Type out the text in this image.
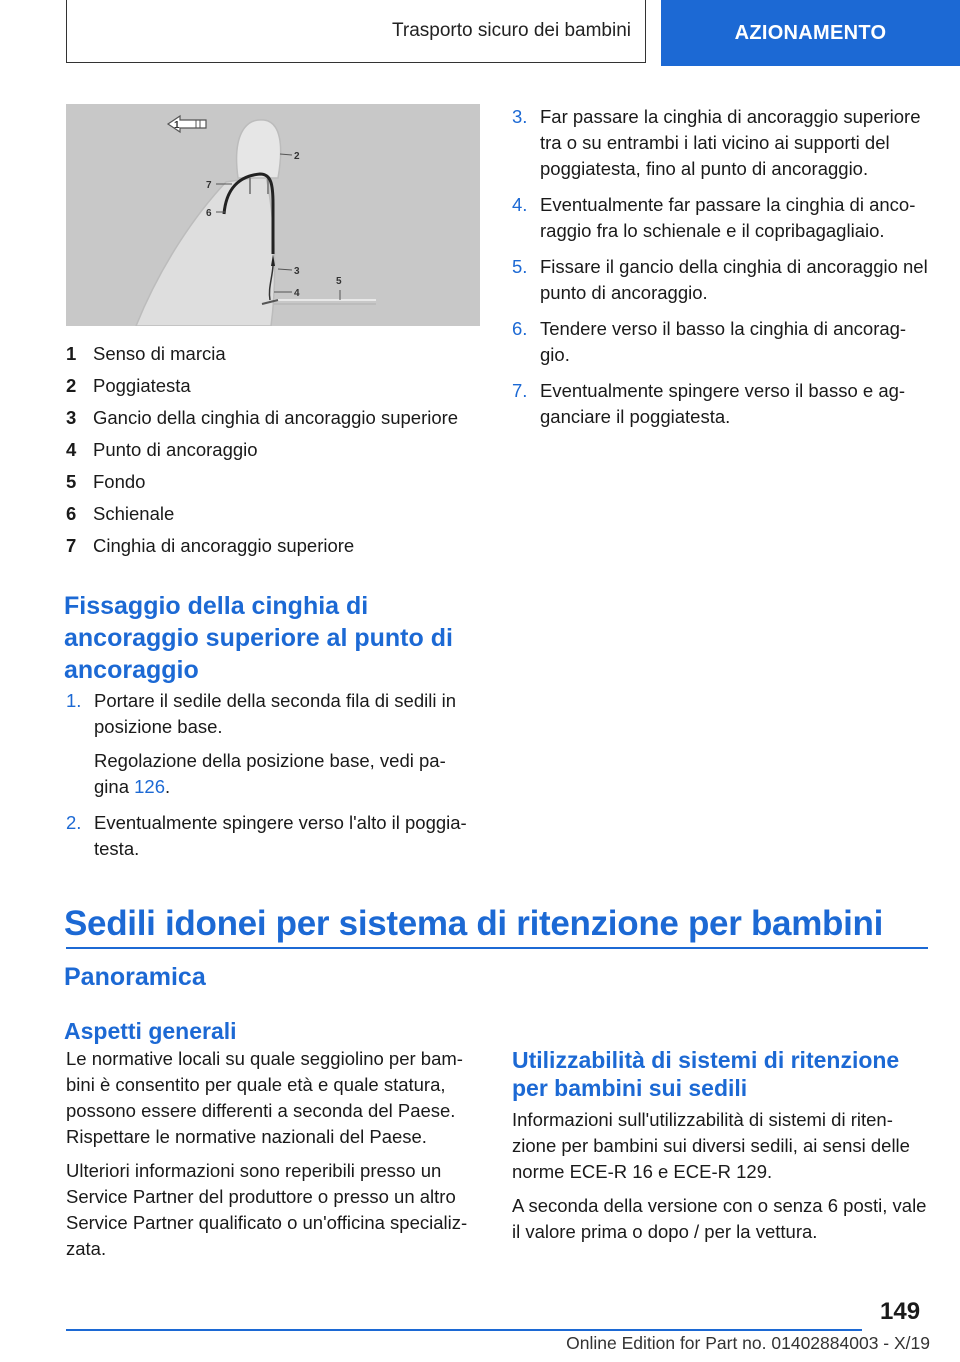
Trasporto sicuro dei bambini	AZIONAMENTO
1
2
3
4
5
6
7
1 Senso di marcia
2 Poggiatesta
3 Gancio della cinghia di ancoraggio superiore
4 Punto di ancoraggio
5 Fondo
6 Schienale
7 Cinghia di ancoraggio superiore
Fissaggio della cinghia di ancoraggio superiore al punto di ancoraggio
1. Portare il sedile della seconda fila di sedili in posizione base.

Regolazione della posizione base, vedi pa-gina 126.

2. Eventualmente spingere verso l'alto il poggia-testa.

3. Far passare la cinghia di ancoraggio superiore tra o su entrambi i lati vicino ai supporti del poggiatesta, fino al punto di ancoraggio.

4. Eventualmente far passare la cinghia di anco-raggio fra lo schienale e il copribagagliaio.

5. Fissare il gancio della cinghia di ancoraggio nel punto di ancoraggio.

6. Tendere verso il basso la cinghia di ancorag-gio.

7. Eventualmente spingere verso il basso e ag-ganciare il poggiatesta.

Sedili idonei per sistema di ritenzione per bambini
Panoramica
Aspetti generali

Le normative locali su quale seggiolino per bam-bini è consentito per quale età e quale statura, possono essere differenti a seconda del Paese. Rispettare le normative nazionali del Paese.

Ulteriori informazioni sono reperibili presso un Service Partner del produttore o presso un altro Service Partner qualificato o un'officina specializ-zata.

Utilizzabilità di sistemi di ritenzione per bambini sui sedili

Informazioni sull'utilizzabilità di sistemi di riten-zione per bambini sui diversi sedili, ai sensi delle norme ECE-R 16 e ECE-R 129.

A seconda della versione con o senza 6 posti, vale il valore prima o dopo / per la vettura.

149
Online Edition for Part no. 01402884003 - X/19
